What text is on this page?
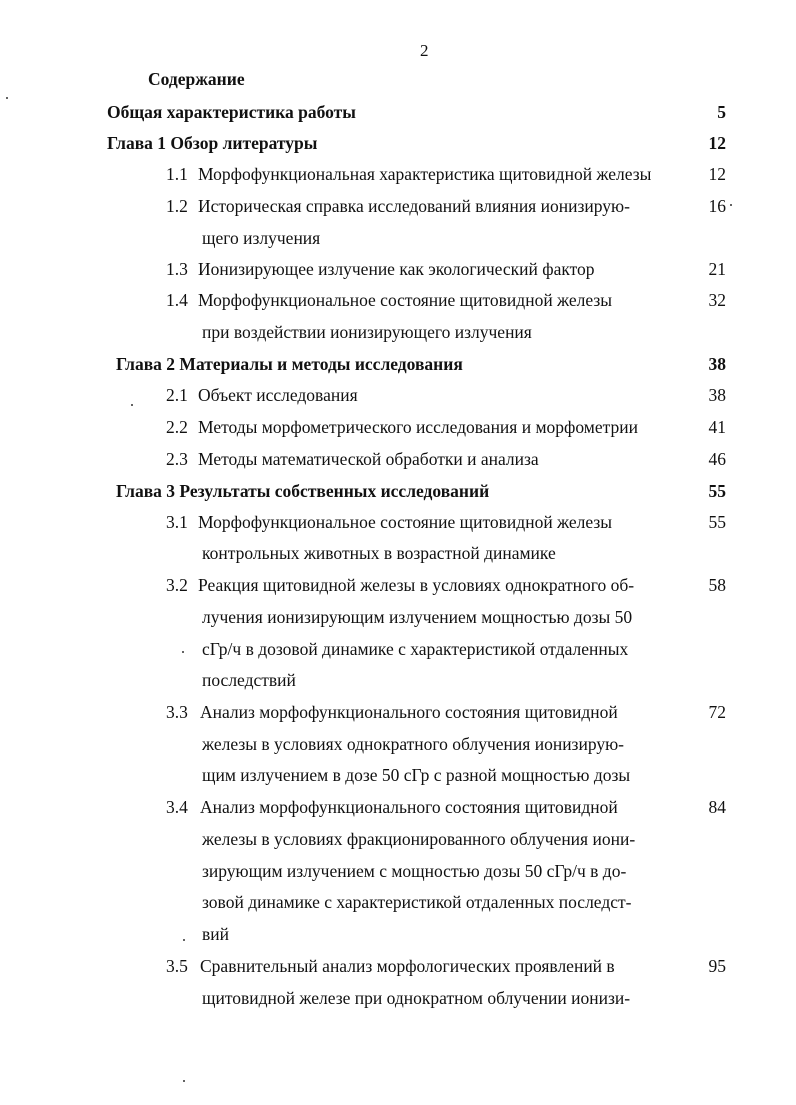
2
Содержание
Общая характеристика работы	5
Глава 1 Обзор литературы	12
1.1 Морфофункциональная характеристика щитовидной железы	12
1.2 Историческая справка исследований влияния ионизирую-	16
щего излучения
1.3 Ионизирующее излучение как экологический фактор	21
1.4 Морфофункциональное состояние щитовидной железы	32
при воздействии ионизирующего излучения
Глава 2 Материалы и методы исследования	38
2.1 Объект исследования	38
2.2 Методы морфометрического исследования и морфометрии	41
2.3 Методы математической обработки и анализа	46
Глава 3 Результаты собственных исследований	55
3.1 Морфофункциональное состояние щитовидной железы	55
контрольных животных в возрастной динамике
3.2 Реакция щитовидной железы в условиях однократного об-	58
лучения ионизирующим излучением мощностью дозы 50
сГр/ч в дозовой динамике с характеристикой отдаленных
последствий
3.3 Анализ морфофункционального состояния щитовидной	72
железы в условиях однократного облучения ионизирую-
щим излучением в дозе 50 сГр с разной мощностью дозы
3.4 Анализ морфофункционального состояния щитовидной	84
железы в условиях фракционированного облучения иони-
зирующим излучением с мощностью дозы 50 сГр/ч в до-
зовой динамике с характеристикой отдаленных последст-
вий
3.5 Сравнительный анализ морфологических проявлений в	95
щитовидной железе при однократном облучении ионизи-
